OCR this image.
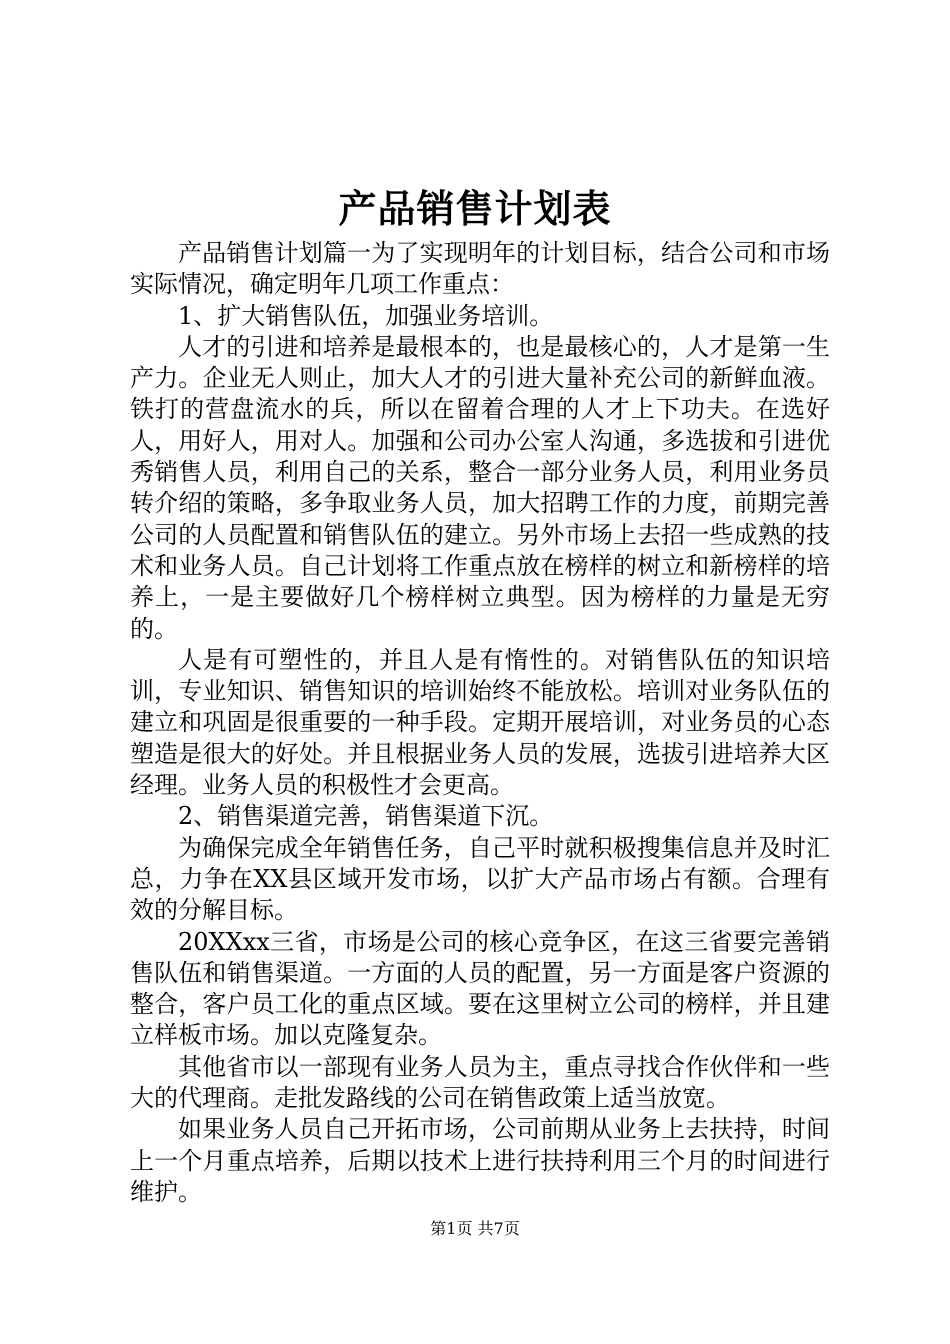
产品销售计划表

产品销售计划篇一为了实现明年的计划目标，结合公司和市场实际情况，确定明年几项工作重点：

1、扩大销售队伍，加强业务培训。

人才的引进和培养是最根本的，也是最核心的，人才是第一生产力。企业无人则止，加大人才的引进大量补充公司的新鲜血液。铁打的营盘流水的兵，所以在留着合理的人才上下功夫。在选好人，用好人，用对人。加强和公司办公室人沟通，多选拔和引进优秀销售人员，利用自己的关系，整合一部分业务人员，利用业务员转介绍的策略，多争取业务人员，加大招聘工作的力度，前期完善公司的人员配置和销售队伍的建立。另外市场上去招一些成熟的技术和业务人员。自己计划将工作重点放在榜样的树立和新榜样的培养上，一是主要做好几个榜样树立典型。因为榜样的力量是无穷的。

人是有可塑性的，并且人是有惰性的。对销售队伍的知识培训，专业知识、销售知识的培训始终不能放松。培训对业务队伍的建立和巩固是很重要的一种手段。定期开展培训，对业务员的心态塑造是很大的好处。并且根据业务人员的发展，选拔引进培养大区经理。业务人员的积极性才会更高。

2、销售渠道完善，销售渠道下沉。

为确保完成全年销售任务，自己平时就积极搜集信息并及时汇总，力争在XX县区域开发市场，以扩大产品市场占有额。合理有效的分解目标。

20XXxx三省，市场是公司的核心竞争区，在这三省要完善销售队伍和销售渠道。一方面的人员的配置，另一方面是客户资源的整合，客户员工化的重点区域。要在这里树立公司的榜样，并且建立样板市场。加以克隆复杂。

其他省市以一部现有业务人员为主，重点寻找合作伙伴和一些大的代理商。走批发路线的公司在销售政策上适当放宽。

如果业务人员自己开拓市场，公司前期从业务上去扶持，时间上一个月重点培养，后期以技术上进行扶持利用三个月的时间进行维护。

第1页 共7页
